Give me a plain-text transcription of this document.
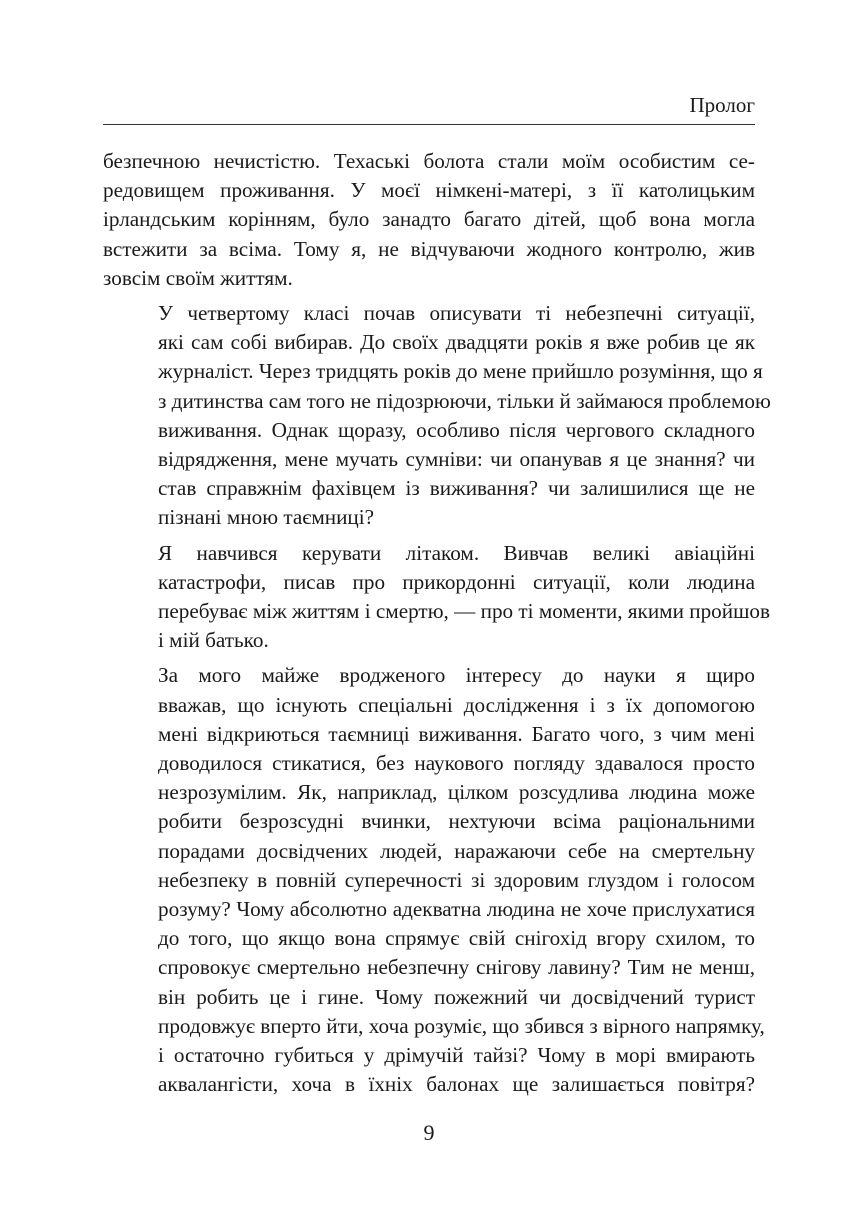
Пролог

безпечною нечистістю. Техаські болота стали моїм особистим се-
редовищем проживання. У моєї німкені-матері, з її католицьким
ірландським корінням, було занадто багато дітей, щоб вона могла
встежити за всіма. Тому я, не відчуваючи жодного контролю, жив
зовсім своїм життям.

У четвертому класі почав описувати ті небезпечні ситуації,
які сам собі вибирав. До своїх двадцяти років я вже робив це як
журналіст. Через тридцять років до мене прийшло розуміння, що я
з дитинства сам того не підозрюючи, тільки й займаюся проблемою
виживання. Однак щоразу, особливо після чергового складного
відрядження, мене мучать сумніви: чи опанував я це знання? чи
став справжнім фахівцем із виживання? чи залишилися ще не
пізнані мною таємниці?

Я навчився керувати літаком. Вивчав великі авіаційні
катастрофи, писав про прикордонні ситуації, коли людина
перебуває між життям і смертю, — про ті моменти, якими пройшов
і мій батько.

За мого майже вродженого інтересу до науки я щиро
вважав, що існують спеціальні дослідження і з їх допомогою
мені відкриються таємниці виживання. Багато чого, з чим мені
доводилося стикатися, без наукового погляду здавалося просто
незрозумілим. Як, наприклад, цілком розсудлива людина може
робити безрозсудні вчинки, нехтуючи всіма раціональними
порадами досвідчених людей, наражаючи себе на смертельну
небезпеку в повній суперечності зі здоровим глуздом і голосом
розуму? Чому абсолютно адекватна людина не хоче прислухатися
до того, що якщо вона спрямує свій снігохід вгору схилом, то
спровокує смертельно небезпечну снігову лавину? Тим не менш,
він робить це і гине. Чому пожежний чи досвідчений турист
продовжує вперто йти, хоча розуміє, що збився з вірного напрямку,
і остаточно губиться у дрімучій тайзі? Чому в морі вмирають
аквалангісти, хоча в їхніх балонах ще залишається повітря?

9
